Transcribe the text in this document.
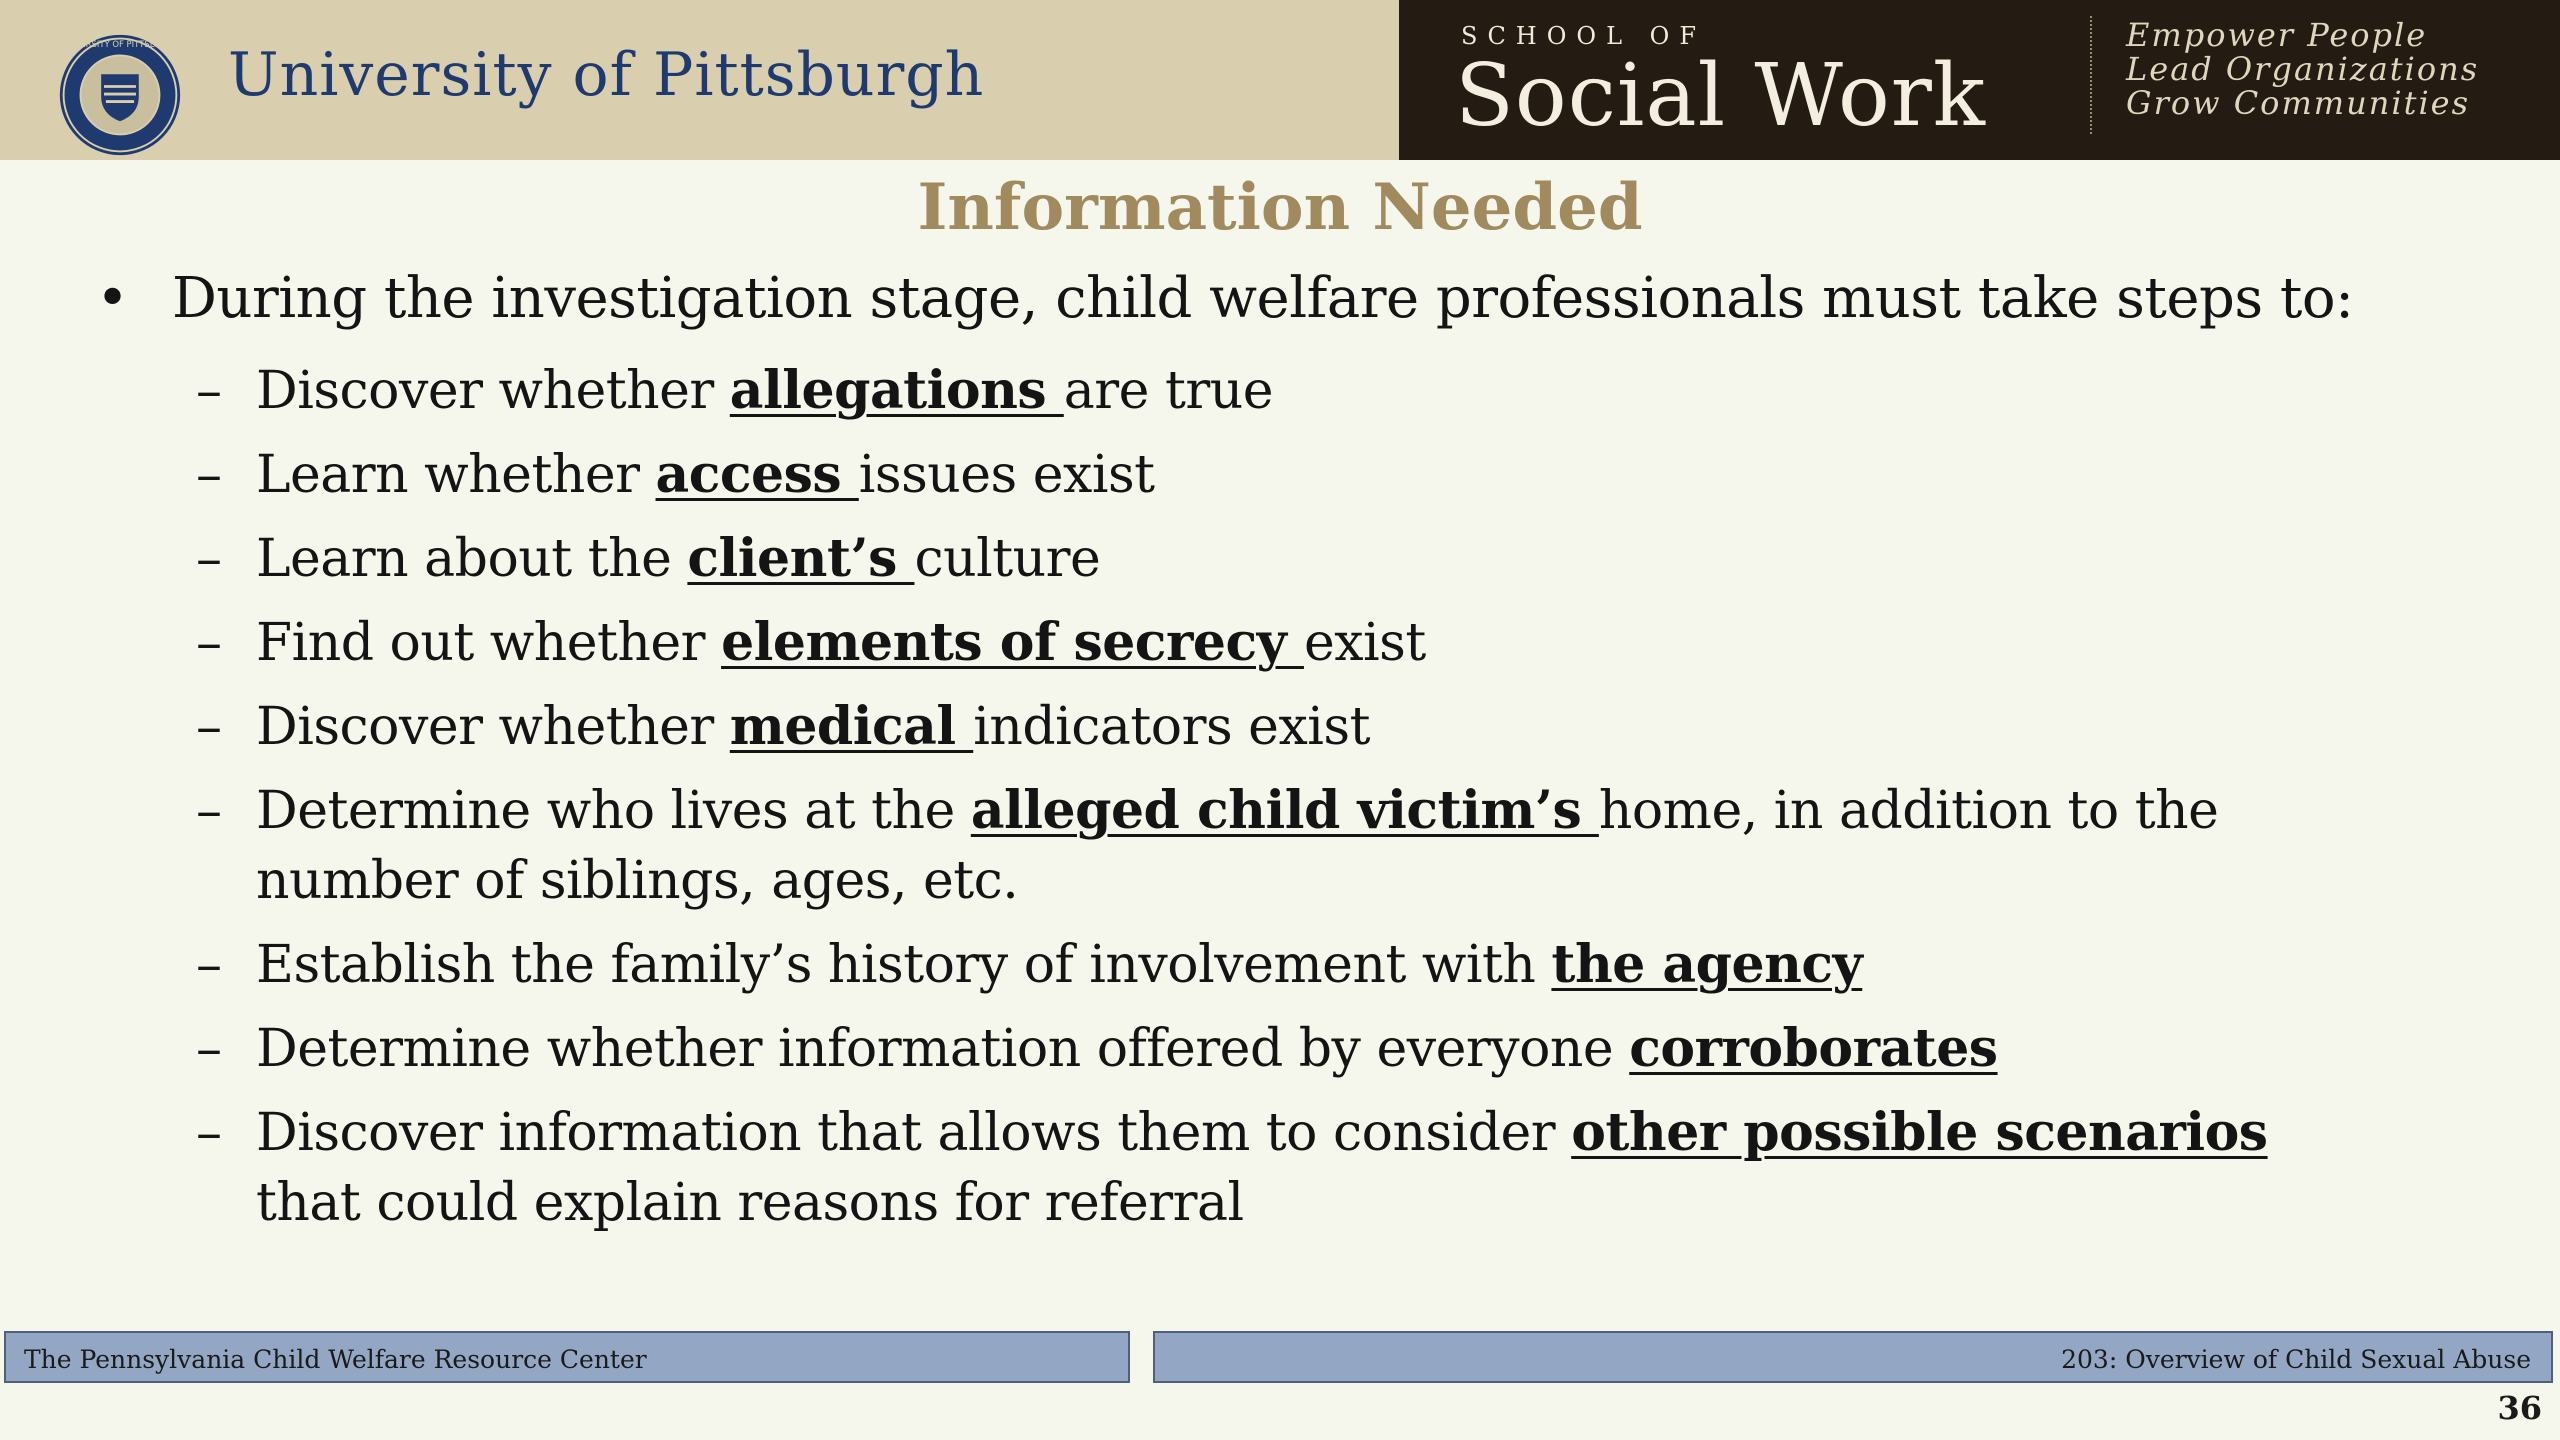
UNIVERSITY OF PITTSBURGH University of Pittsburgh
SCHOOL OF
Social Work
Empower People
Lead Organizations
Grow Communities
Information Needed
• During the investigation stage, child welfare professionals must take steps to:
– Discover whether allegations are true
– Learn whether access issues exist
– Learn about the client’s culture
– Find out whether elements of secrecy exist
– Discover whether medical indicators exist
– Determine who lives at the alleged child victim’s home, in addition to the
number of siblings, ages, etc.
– Establish the family’s history of involvement with the agency
– Determine whether information offered by everyone corroborates
– Discover information that allows them to consider other possible scenarios
that could explain reasons for referral
The Pennsylvania Child Welfare Resource Center	203: Overview of Child Sexual Abuse
36
